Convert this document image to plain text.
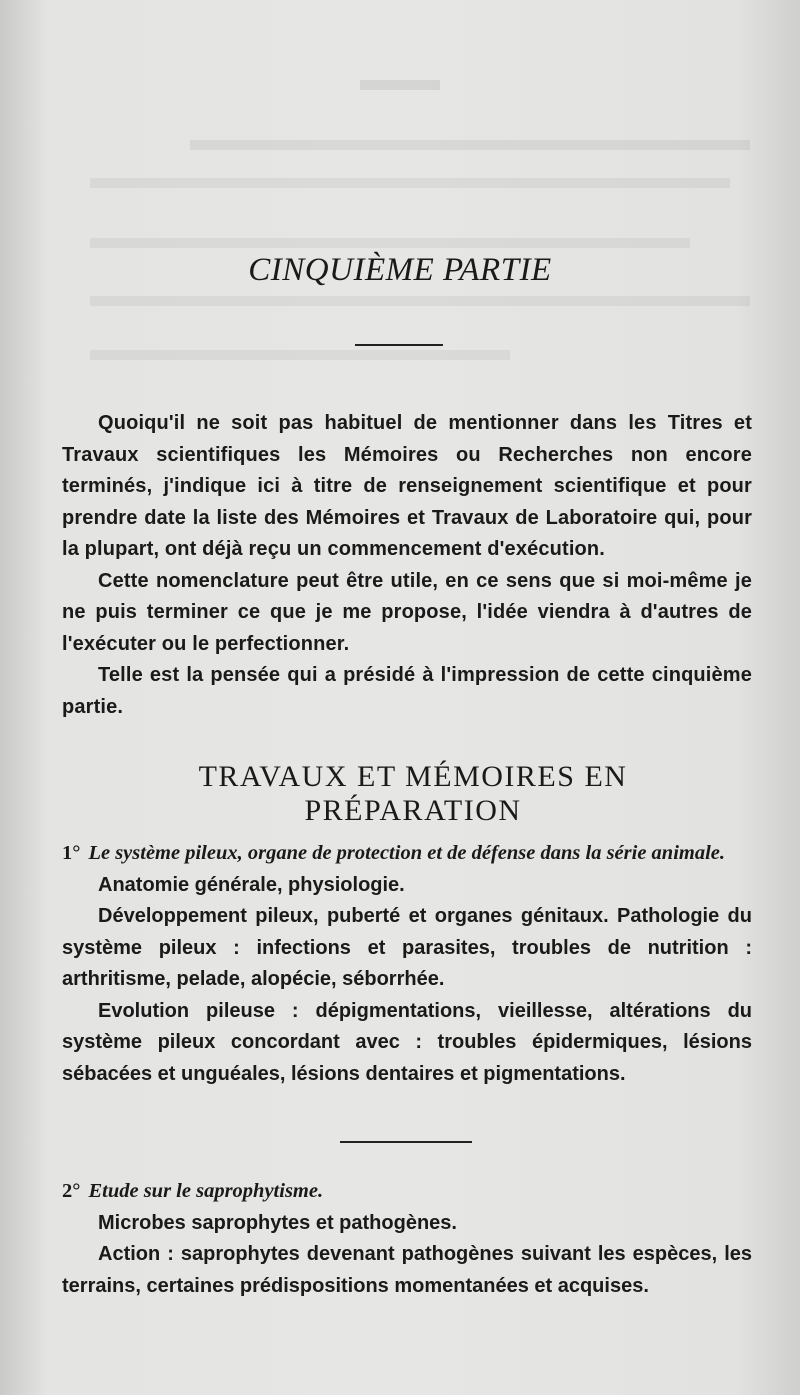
CINQUIÈME PARTIE

Quoiqu'il ne soit pas habituel de mentionner dans les Titres et Travaux scientifiques les Mémoires ou Recherches non encore terminés, j'indique ici à titre de renseignement scientifique et pour prendre date la liste des Mémoires et Travaux de Laboratoire qui, pour la plupart, ont déjà reçu un commencement d'exécution.

Cette nomenclature peut être utile, en ce sens que si moi-même je ne puis terminer ce que je me propose, l'idée viendra à d'autres de l'exécuter ou le perfectionner.

Telle est la pensée qui a présidé à l'impression de cette cinquième partie.

TRAVAUX ET MÉMOIRES EN PRÉPARATION

1° Le système pileux, organe de protection et de défense dans la série animale.

Anatomie générale, physiologie.

Développement pileux, puberté et organes génitaux. Pathologie du système pileux : infections et parasites, troubles de nutrition : arthritisme, pelade, alopécie, séborrhée.

Evolution pileuse : dépigmentations, vieillesse, altérations du système pileux concordant avec : troubles épidermiques, lésions sébacées et unguéales, lésions dentaires et pigmentations.

2° Etude sur le saprophytisme.

Microbes saprophytes et pathogènes.

Action : saprophytes devenant pathogènes suivant les espèces, les terrains, certaines prédispositions momentanées et acquises.
